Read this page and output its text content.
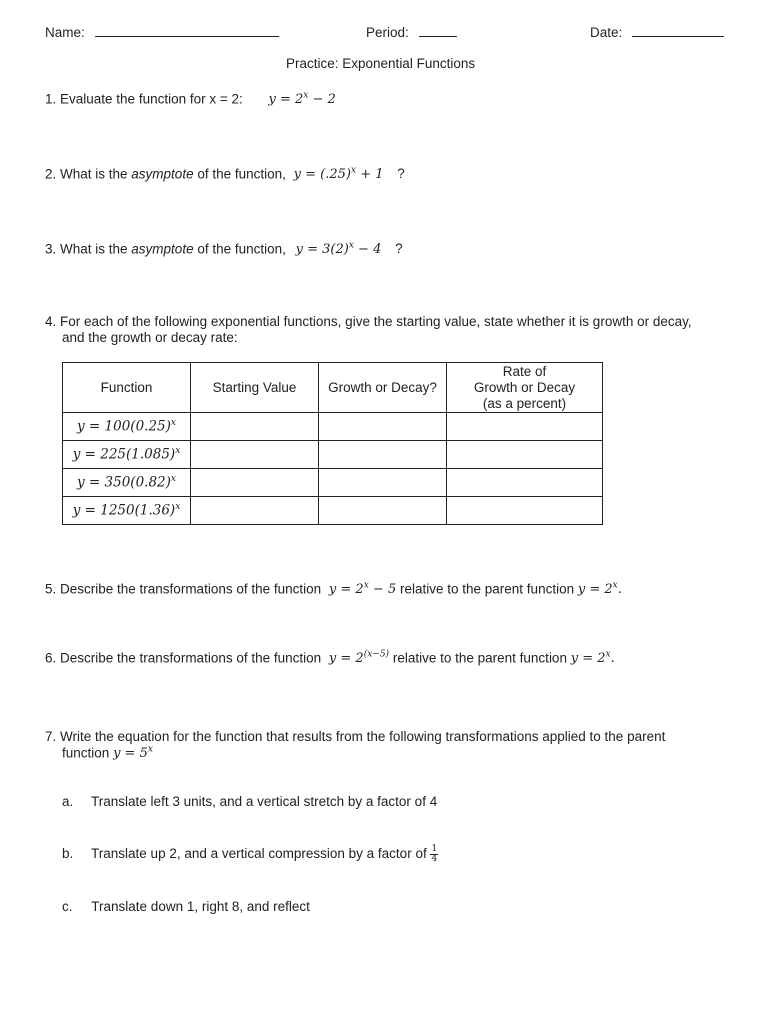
Name:	Period:	Date:
Practice: Exponential Functions
1. Evaluate the function for x = 2: $y = 2^x - 2$
2. What is the asymptote of the function, $y = (.25)^x + 1$ ?
3. What is the asymptote of the function, $y = 3(2)^x - 4$ ?
4. For each of the following exponential functions, give the starting value, state whether it is growth or decay,
and the growth or decay rate:
Function	Starting Value	Growth or Decay?	Rate of
Growth or Decay
(as a percent)

$y = 100(0.25)^x$			
$y = 225(1.085)^x$			
$y = 350(0.82)^x$			
$y = 1250(1.36)^x$			
5. Describe the transformations of the function $y = 2^x - 5$ relative to the parent function $y = 2^x$.
6. Describe the transformations of the function $y = 2^{(x-5)}$ relative to the parent function $y = 2^x$.
7. Write the equation for the function that results from the following transformations applied to the parent
function $y = 5^x$
a. Translate left 3 units, and a vertical stretch by a factor of 4
b. Translate up 2, and a vertical compression by a factor of $\frac{1}{4}$
c. Translate down 1, right 8, and reflect
